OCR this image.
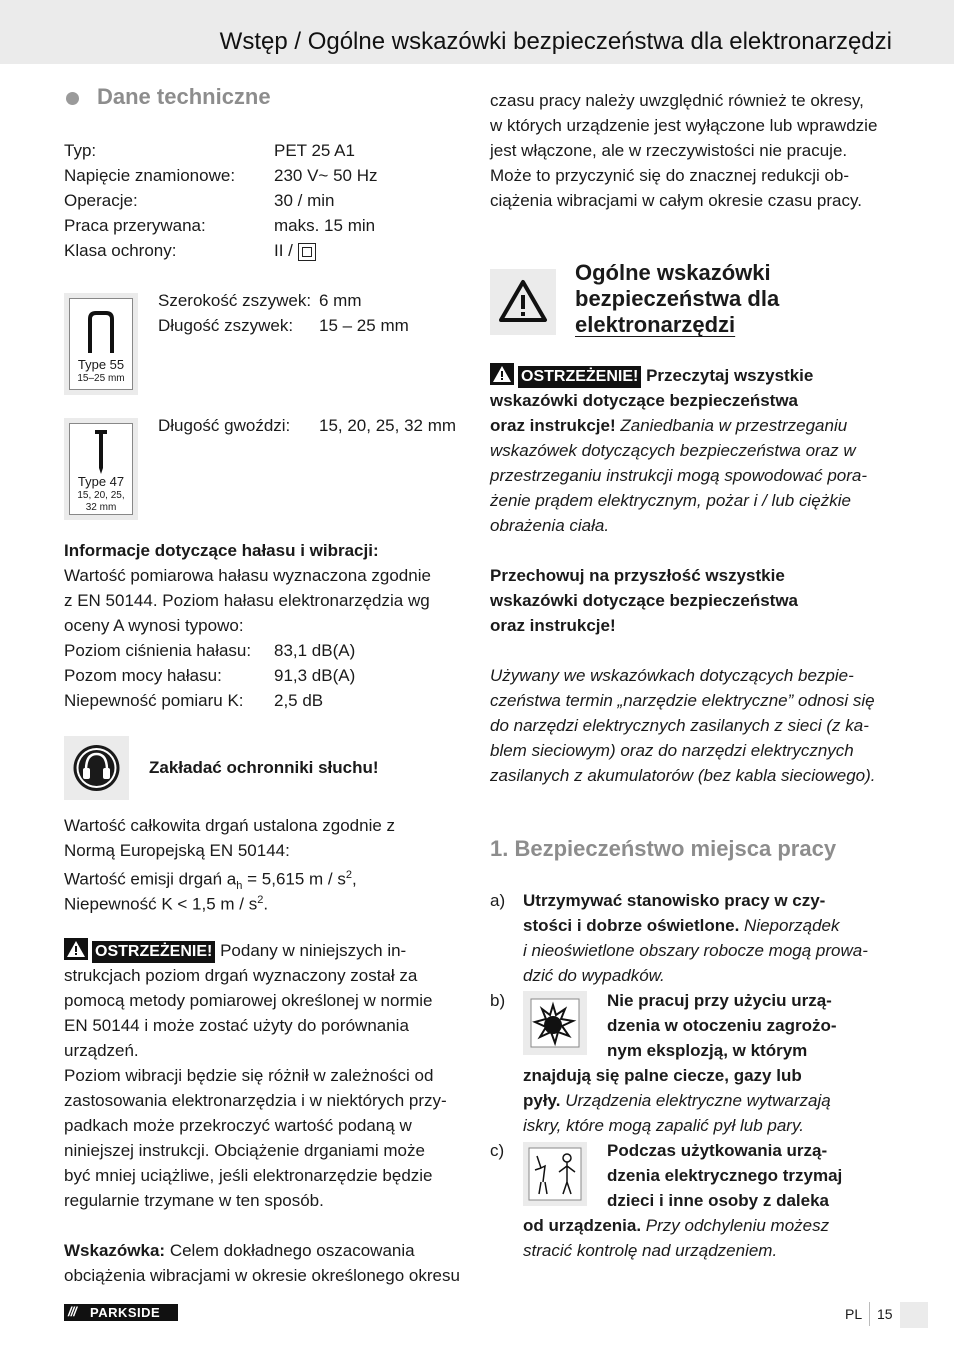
Wstęp / Ogólne wskazówki bezpieczeństwa dla elektronarzędzi
Dane techniczne
Typ:	PET 25 A1
Napięcie znamionowe: 230 V~ 50 Hz
Operacje:	30 / min
Praca przerywana:	maks. 15 min
Klasa ochrony:	II /
Type 55
15–25 mm
Szerokość zszywek: 6 mm
Długość zszywek: 15 – 25 mm
Type 47
15, 20, 25,
32 mm
Długość gwoździ: 15, 20, 25, 32 mm
Informacje dotyczące hałasu i wibracji:
Wartość pomiarowa hałasu wyznaczona zgodnie
z EN 50144. Poziom hałasu elektronarzędzia wg
oceny A wynosi typowo:
Poziom ciśnienia hałasu: 83,1 dB(A)
Pozom mocy hałasu:	91,3 dB(A)
Niepewność pomiaru K: 2,5 dB
Zakładać ochronniki słuchu!
Wartość całkowita drgań ustalona zgodnie z
Normą Europejską EN 50144:
Wartość emisji drgań $a_h = 5,615$ m / $s^2$,
Niepewność K < 1,5 m / $s^2$.
OSTRZEŻENIE! Podany w niniejszych in-
strukcjach poziom drgań wyznaczony został za
pomocą metody pomiarowej określonej w normie
EN 50144 i może zostać użyty do porównania
urządzeń.
Poziom wibracji będzie się różnił w zależności od
zastosowania elektronarzędzia i w niektórych przy-
padkach może przekroczyć wartość podaną w
niniejszej instrukcji. Obciążenie drganiami może
być mniej uciążliwe, jeśli elektronarzędzie będzie
regularnie trzymane w ten sposób.
Wskazówka: Celem dokładnego oszacowania
obciążenia wibracjami w okresie określonego okresu
czasu pracy należy uwzględnić również te okresy,
w których urządzenie jest wyłączone lub wprawdzie
jest włączone, ale w rzeczywistości nie pracuje.
Może to przyczynić się do znacznej redukcji ob-
ciążenia wibracjami w całym okresie czasu pracy.
Ogólne wskazówki
bezpieczeństwa dla
elektronarzędzi
OSTRZEŻENIE! Przeczytaj wszystkie
wskazówki dotyczące bezpieczeństwa
oraz instrukcje! Zaniedbania w przestrzeganiu
wskazówek dotyczących bezpieczeństwa oraz w
przestrzeganiu instrukcji mogą spowodować pora-
żenie prądem elektrycznym, pożar i / lub ciężkie
obrażenia ciała.
Przechowuj na przyszłość wszystkie
wskazówki dotyczące bezpieczeństwa
oraz instrukcje!
Używany we wskazówkach dotyczących bezpie-
czeństwa termin „narzędzie elektryczne” odnosi się
do narzędzi elektrycznych zasilanych z sieci (z ka-
blem sieciowym) oraz do narzędzi elektrycznych
zasilanych z akumulatorów (bez kabla sieciowego).
1. Bezpieczeństwo miejsca pracy
a) Utrzymywać stanowisko pracy w czy-
stości i dobrze oświetlone. Nieporządek
i nieoświetlone obszary robocze mogą prowa-
dzić do wypadków.
b)	Nie pracuj przy użyciu urzą-
dzenia w otoczeniu zagrożo-
nym eksplozją, w którym
znajdują się palne ciecze, gazy lub
pyły. Urządzenia elektryczne wytwarzają
iskry, które mogą zapalić pył lub pary.
c)	Podczas użytkowania urzą-
dzenia elektrycznego trzymaj
dzieci i inne osoby z daleka
od urządzenia. Przy odchyleniu możesz
stracić kontrolę nad urządzeniem.
/// PARKSIDE	PL 15
